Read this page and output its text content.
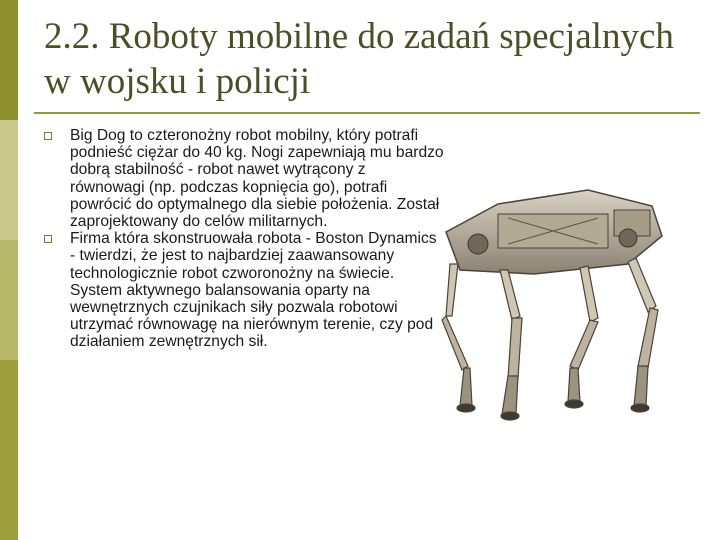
2.2. Roboty mobilne do zadań specjalnych w wojsku i policji
Big Dog to czteronożny robot mobilny, który potrafi podnieść ciężar do 40 kg. Nogi zapewniają mu bardzo dobrą stabilność - robot nawet wytrącony z równowagi (np. podczas kopnięcia go), potrafi powrócić do optymalnego dla siebie położenia. Został zaprojektowany do celów militarnych.
Firma która skonstruowała robota - Boston Dynamics - twierdzi, że jest to najbardziej zaawansowany technologicznie robot czworonożny na świecie. System aktywnego balansowania oparty na wewnętrznych czujnikach siły pozwala robotowi utrzymać równowagę na nierównym terenie, czy pod działaniem zewnętrznych sił.
